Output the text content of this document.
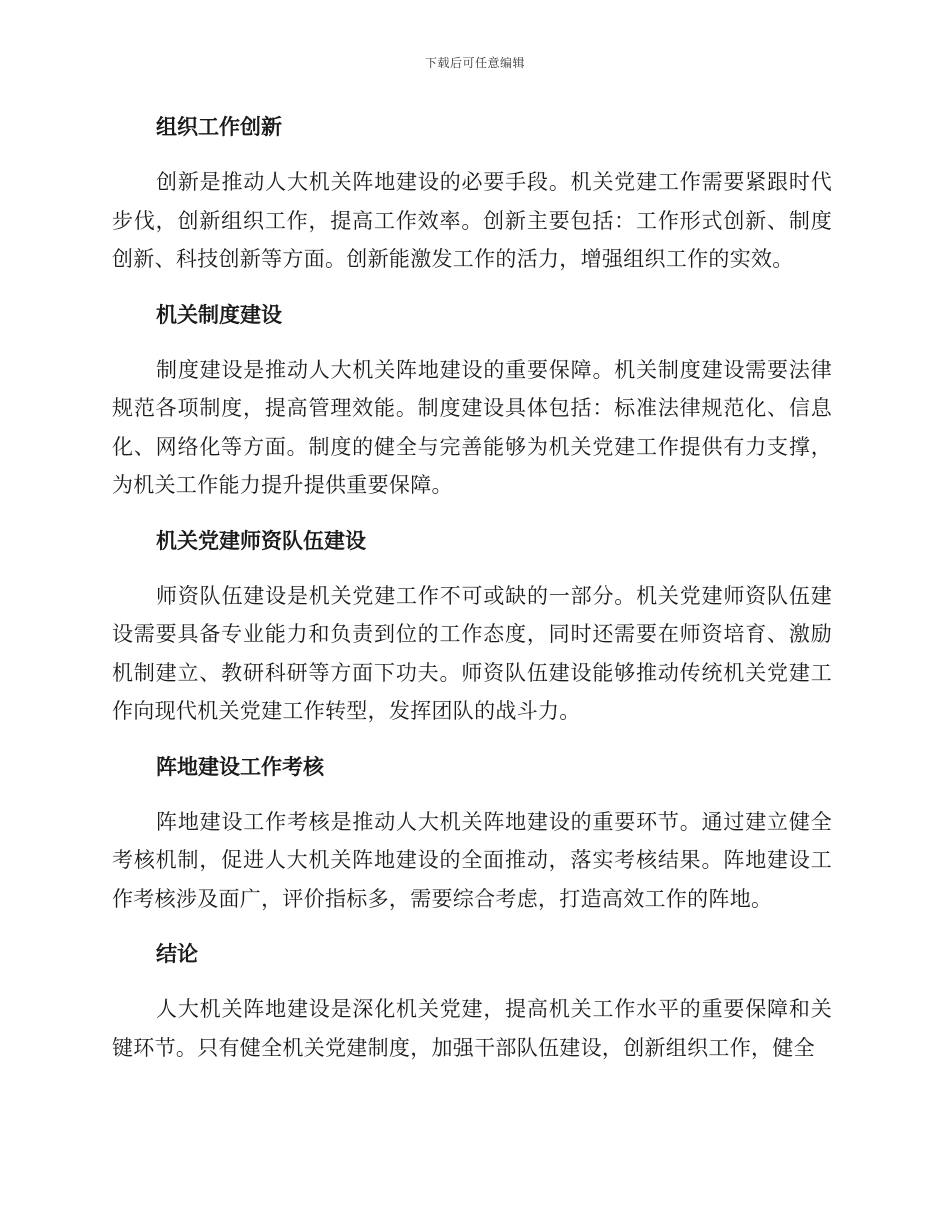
下载后可任意编辑
组织工作创新

创新是推动人大机关阵地建设的必要手段。机关党建工作需要紧跟时代步伐，创新组织工作，提高工作效率。创新主要包括：工作形式创新、制度创新、科技创新等方面。创新能激发工作的活力，增强组织工作的实效。

机关制度建设

制度建设是推动人大机关阵地建设的重要保障。机关制度建设需要法律规范各项制度，提高管理效能。制度建设具体包括：标准法律规范化、信息化、网络化等方面。制度的健全与完善能够为机关党建工作提供有力支撑，为机关工作能力提升提供重要保障。

机关党建师资队伍建设

师资队伍建设是机关党建工作不可或缺的一部分。机关党建师资队伍建设需要具备专业能力和负责到位的工作态度，同时还需要在师资培育、激励机制建立、教研科研等方面下功夫。师资队伍建设能够推动传统机关党建工作向现代机关党建工作转型，发挥团队的战斗力。

阵地建设工作考核

阵地建设工作考核是推动人大机关阵地建设的重要环节。通过建立健全考核机制，促进人大机关阵地建设的全面推动，落实考核结果。阵地建设工作考核涉及面广，评价指标多，需要综合考虑，打造高效工作的阵地。

结论

人大机关阵地建设是深化机关党建，提高机关工作水平的重要保障和关键环节。只有健全机关党建制度，加强干部队伍建设，创新组织工作，健全
